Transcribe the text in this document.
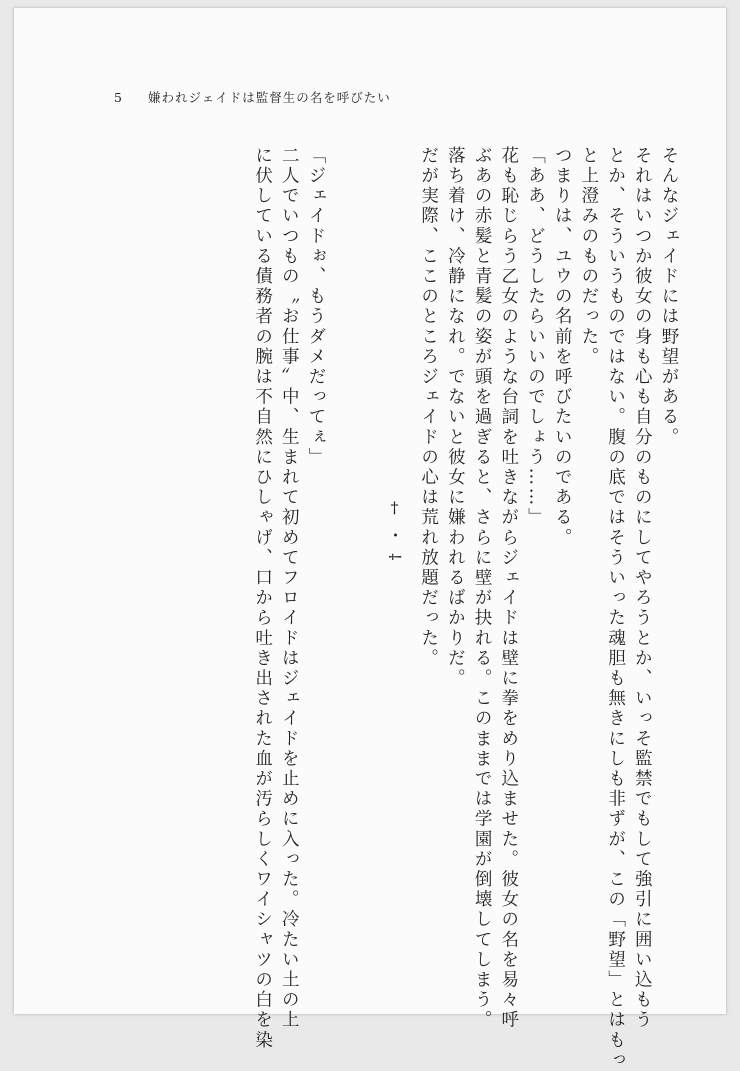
5 嫌われジェイドは監督生の名を呼びたい
そんなジェイドには野望がある。
それはいつか彼女の身も心も自分のものにしてやろうとか、いっそ監禁でもして強引に囲い込もう
とか、そういうものではない。腹の底ではそういった魂胆も無きにしも非ずが、この「野望」とはもっ
と上澄みのものだった。
つまりは、ユウの名前を呼びたいのである。
「ああ、どうしたらいいのでしょう……」
花も恥じらう乙女のような台詞を吐きながらジェイドは壁に拳をめり込ませた。彼女の名を易々呼
ぶあの赤髪と青髪の姿が頭を過ぎると、さらに壁が抉れる。このままでは学園が倒壊してしまう。
落ち着け、冷静になれ。でないと彼女に嫌われるばかりだ。
だが実際、ここのところジェイドの心は荒れ放題だった。
†・⸸
「ジェイドぉ、もうダメだってぇ」
二人でいつもの〝お仕事〟中、生まれて初めてフロイドはジェイドを止めに入った。冷たい土の上
に伏している債務者の腕は不自然にひしゃげ、口から吐き出された血が汚らしくワイシャツの白を染
